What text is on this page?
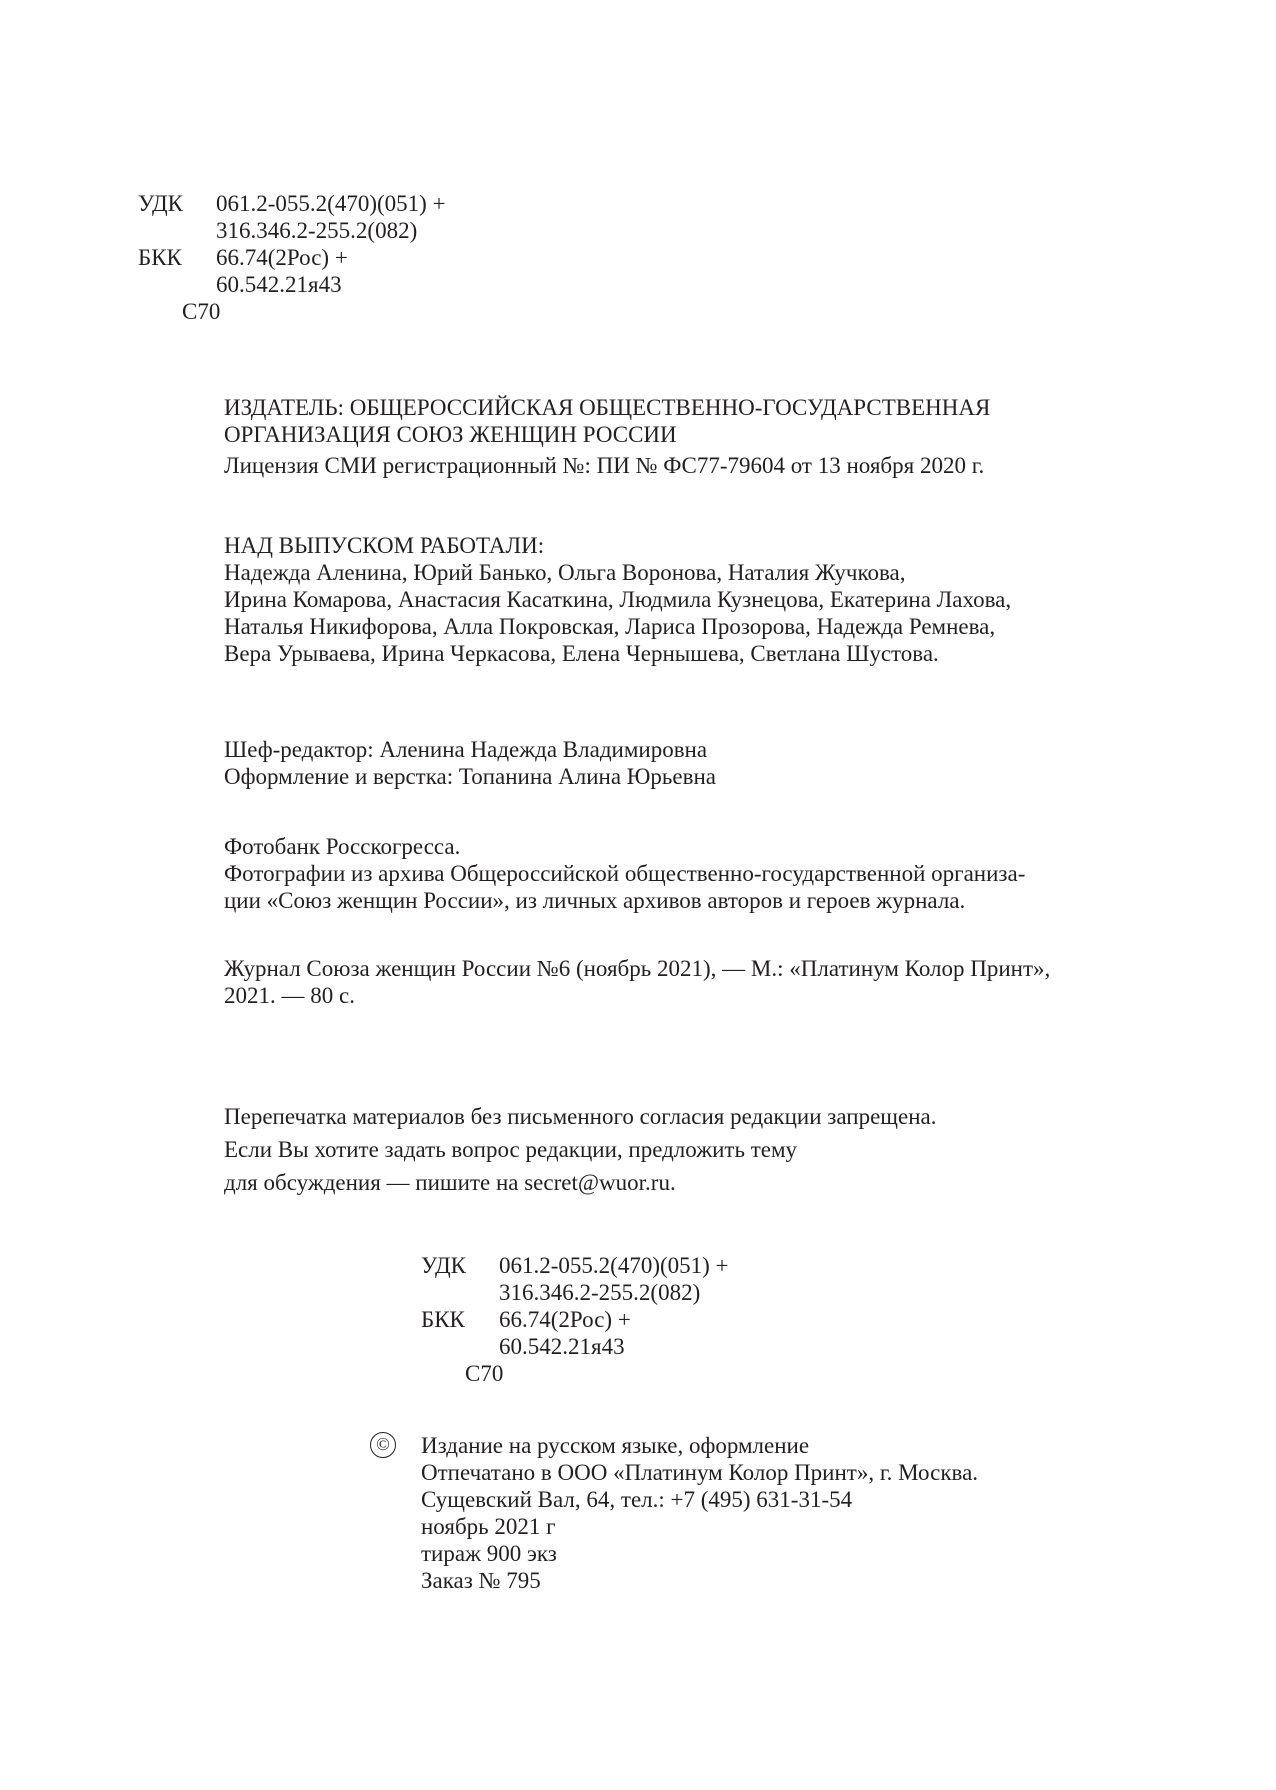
УДК 061.2-055.2(470)(051) +
316.346.2-255.2(082)
БКК 66.74(2Рос) +
60.542.21я43
С70
ИЗДАТЕЛЬ: ОБЩЕРОССИЙСКАЯ ОБЩЕСТВЕННО-ГОСУДАРСТВЕННАЯ
ОРГАНИЗАЦИЯ СОЮЗ ЖЕНЩИН РОССИИ
Лицензия СМИ регистрационный №: ПИ № ФС77-79604 от 13 ноября 2020 г.
НАД ВЫПУСКОМ РАБОТАЛИ:
Надежда Аленина, Юрий Банько, Ольга Воронова, Наталия Жучкова,
Ирина Комарова, Анастасия Касаткина, Людмила Кузнецова, Екатерина Лахова,
Наталья Никифорова, Алла Покровская, Лариса Прозорова, Надежда Ремнева,
Вера Урываева, Ирина Черкасова, Елена Чернышева, Светлана Шустова.
Шеф-редактор: Аленина Надежда Владимировна
Оформление и верстка: Топанина Алина Юрьевна
Фотобанк Росскогресса.
Фотографии из архива Общероссийской общественно-государственной организа-
ции «Союз женщин России», из личных архивов авторов и героев журнала.
Журнал Союза женщин России №6 (ноябрь 2021), — М.: «Платинум Колор Принт»,
2021. — 80 с.
Перепечатка материалов без письменного согласия редакции запрещена.
Если Вы хотите задать вопрос редакции, предложить тему
для обсуждения — пишите на secret@wuor.ru.
УДК 061.2-055.2(470)(051) +
316.346.2-255.2(082)
БКК 66.74(2Рос) +
60.542.21я43
С70
© Издание на русском языке, оформление
Отпечатано в ООО «Платинум Колор Принт», г. Москва.
Сущевский Вал, 64, тел.: +7 (495) 631-31-54
ноябрь 2021 г
тираж 900 экз
Заказ № 795
